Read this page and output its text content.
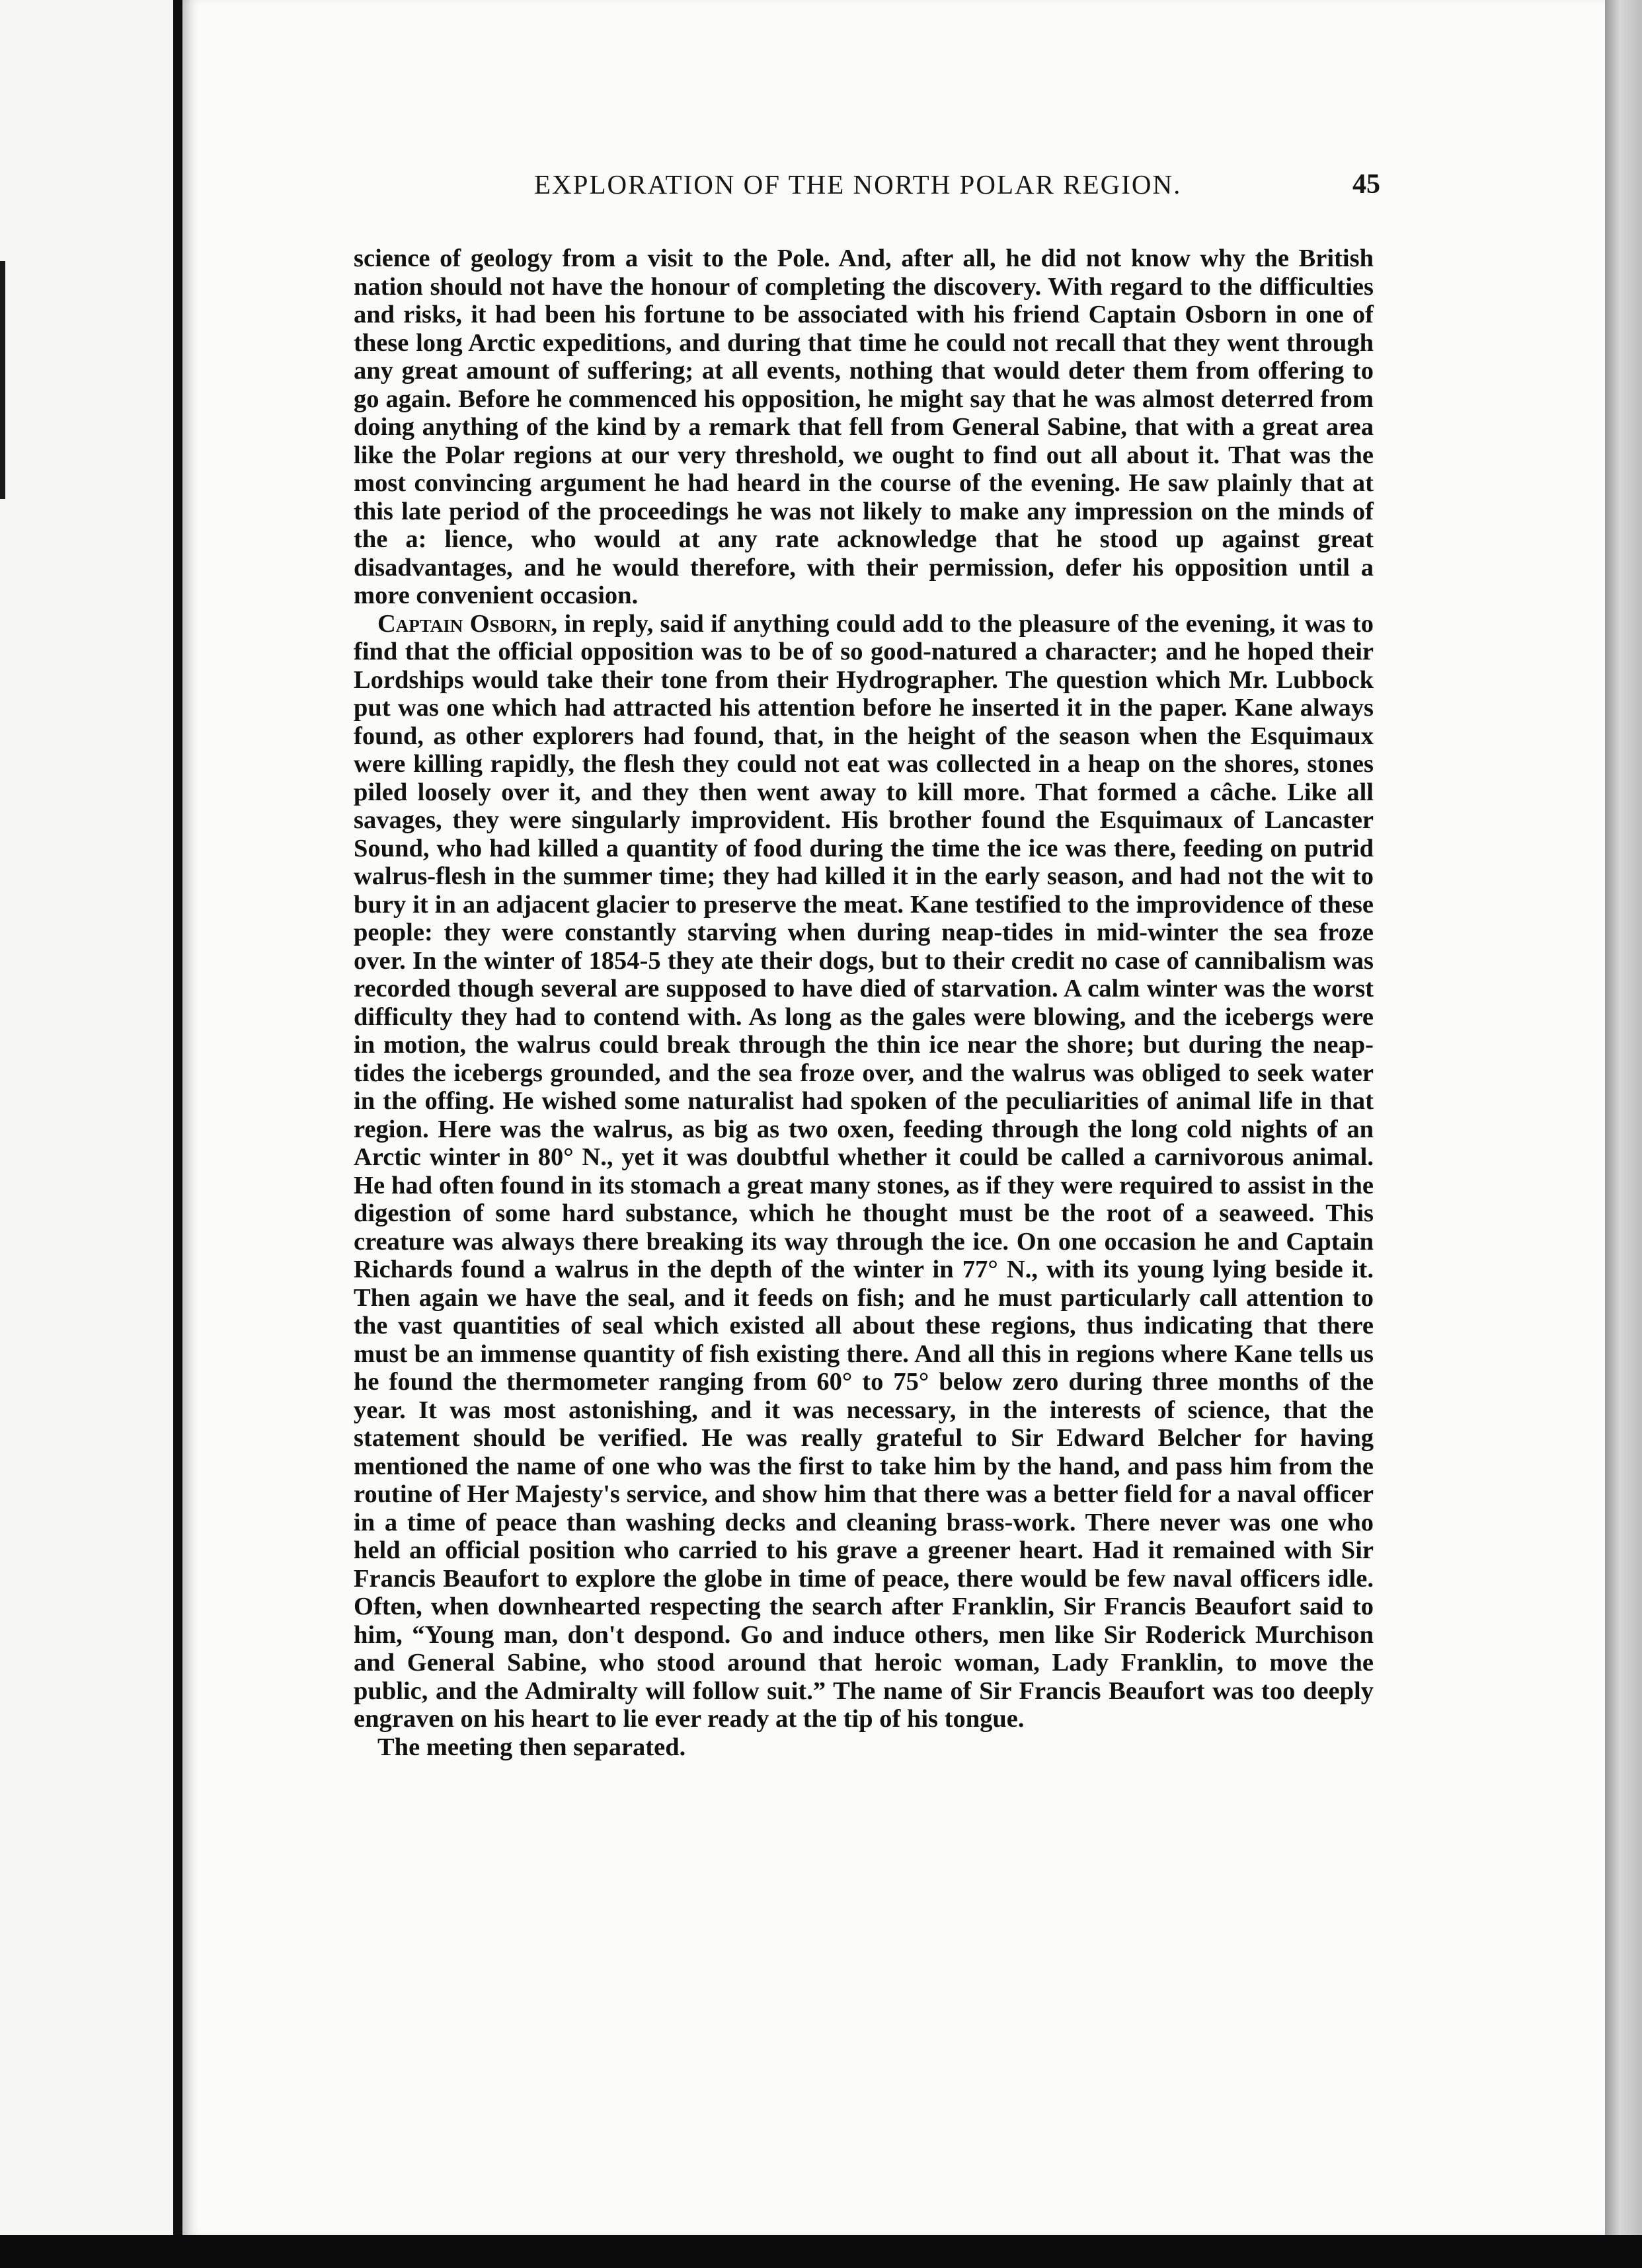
EXPLORATION OF THE NORTH POLAR REGION.	45

science of geology from a visit to the Pole. And, after all, he did not know why the British nation should not have the honour of completing the discovery. With regard to the difficulties and risks, it had been his fortune to be associated with his friend Captain Osborn in one of these long Arctic expeditions, and during that time he could not recall that they went through any great amount of suffering; at all events, nothing that would deter them from offering to go again. Before he commenced his opposition, he might say that he was almost deterred from doing anything of the kind by a remark that fell from General Sabine, that with a great area like the Polar regions at our very threshold, we ought to find out all about it. That was the most convincing argument he had heard in the course of the evening. He saw plainly that at this late period of the proceedings he was not likely to make any impression on the minds of the a: lience, who would at any rate acknowledge that he stood up against great disadvantages, and he would therefore, with their permission, defer his opposition until a more convenient occasion.

Captain Osborn, in reply, said if anything could add to the pleasure of the evening, it was to find that the official opposition was to be of so good-natured a character; and he hoped their Lordships would take their tone from their Hydrographer. The question which Mr. Lubbock put was one which had attracted his attention before he inserted it in the paper. Kane always found, as other explorers had found, that, in the height of the season when the Esquimaux were killing rapidly, the flesh they could not eat was collected in a heap on the shores, stones piled loosely over it, and they then went away to kill more. That formed a câche. Like all savages, they were singularly improvident. His brother found the Esquimaux of Lancaster Sound, who had killed a quantity of food during the time the ice was there, feeding on putrid walrus-flesh in the summer time; they had killed it in the early season, and had not the wit to bury it in an adjacent glacier to preserve the meat. Kane testified to the improvidence of these people: they were constantly starving when during neap-tides in mid-winter the sea froze over. In the winter of 1854-5 they ate their dogs, but to their credit no case of cannibalism was recorded though several are supposed to have died of starvation. A calm winter was the worst difficulty they had to contend with. As long as the gales were blowing, and the icebergs were in motion, the walrus could break through the thin ice near the shore; but during the neap-tides the icebergs grounded, and the sea froze over, and the walrus was obliged to seek water in the offing. He wished some naturalist had spoken of the peculiarities of animal life in that region. Here was the walrus, as big as two oxen, feeding through the long cold nights of an Arctic winter in 80° N., yet it was doubtful whether it could be called a carnivorous animal. He had often found in its stomach a great many stones, as if they were required to assist in the digestion of some hard substance, which he thought must be the root of a seaweed. This creature was always there breaking its way through the ice. On one occasion he and Captain Richards found a walrus in the depth of the winter in 77° N., with its young lying beside it. Then again we have the seal, and it feeds on fish; and he must particularly call attention to the vast quantities of seal which existed all about these regions, thus indicating that there must be an immense quantity of fish existing there. And all this in regions where Kane tells us he found the thermometer ranging from 60° to 75° below zero during three months of the year. It was most astonishing, and it was necessary, in the interests of science, that the statement should be verified. He was really grateful to Sir Edward Belcher for having mentioned the name of one who was the first to take him by the hand, and pass him from the routine of Her Majesty's service, and show him that there was a better field for a naval officer in a time of peace than washing decks and cleaning brass-work. There never was one who held an official position who carried to his grave a greener heart. Had it remained with Sir Francis Beaufort to explore the globe in time of peace, there would be few naval officers idle. Often, when downhearted respecting the search after Franklin, Sir Francis Beaufort said to him, “Young man, don't despond. Go and induce others, men like Sir Roderick Murchison and General Sabine, who stood around that heroic woman, Lady Franklin, to move the public, and the Admiralty will follow suit.” The name of Sir Francis Beaufort was too deeply engraven on his heart to lie ever ready at the tip of his tongue.

The meeting then separated.
